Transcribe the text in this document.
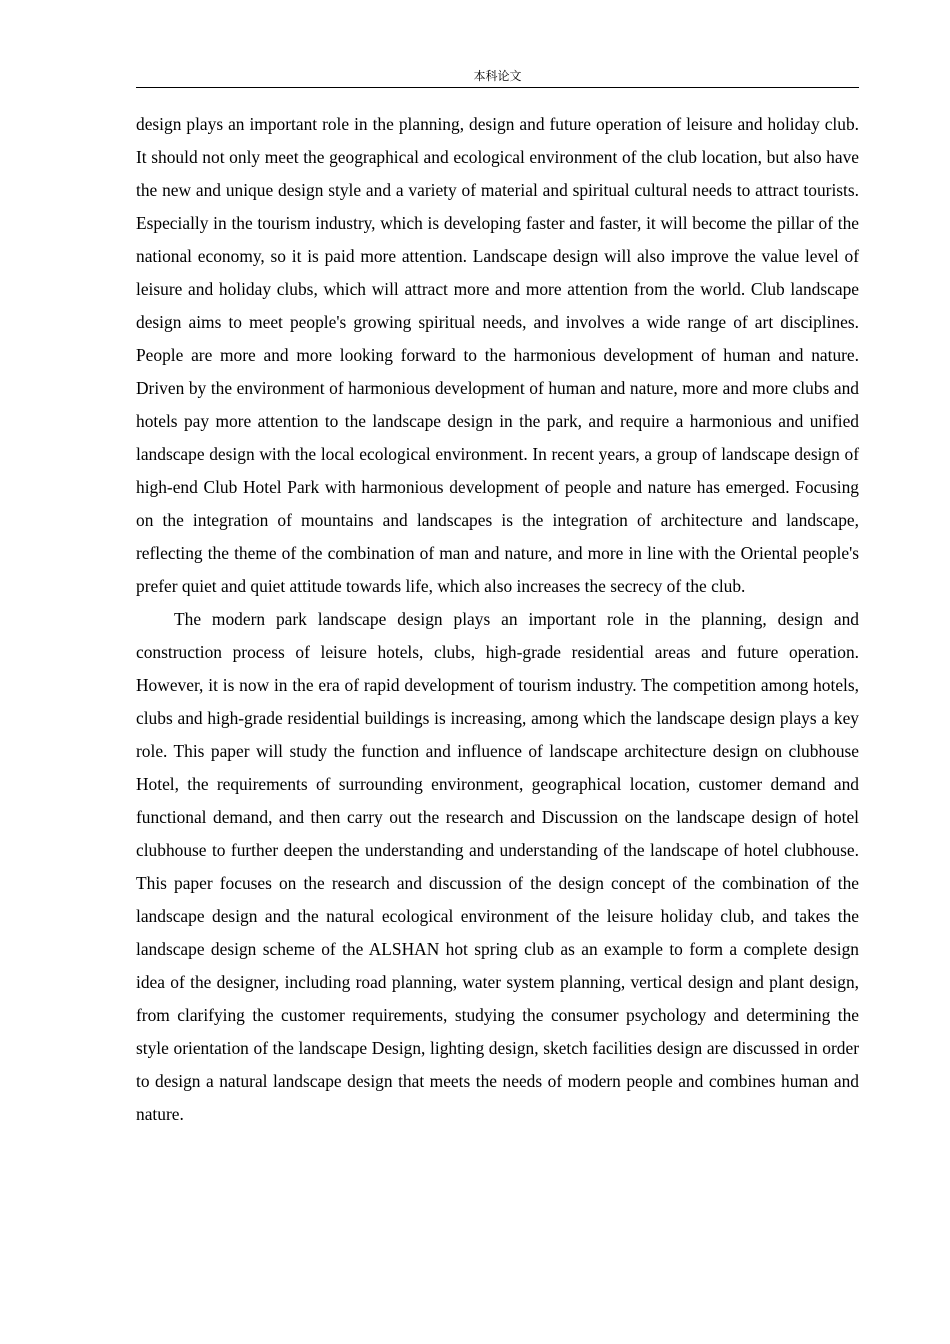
本科论文

design plays an important role in the planning, design and future operation of leisure and holiday club. It should not only meet the geographical and ecological environment of the club location, but also have the new and unique design style and a variety of material and spiritual cultural needs to attract tourists. Especially in the tourism industry, which is developing faster and faster, it will become the pillar of the national economy, so it is paid more attention. Landscape design will also improve the value level of leisure and holiday clubs, which will attract more and more attention from the world. Club landscape design aims to meet people's growing spiritual needs, and involves a wide range of art disciplines. People are more and more looking forward to the harmonious development of human and nature. Driven by the environment of harmonious development of human and nature, more and more clubs and hotels pay more attention to the landscape design in the park, and require a harmonious and unified landscape design with the local ecological environment. In recent years, a group of landscape design of high-end Club Hotel Park with harmonious development of people and nature has emerged. Focusing on the integration of mountains and landscapes is the integration of architecture and landscape, reflecting the theme of the combination of man and nature, and more in line with the Oriental people's prefer quiet and quiet attitude towards life, which also increases the secrecy of the club.

The modern park landscape design plays an important role in the planning, design and construction process of leisure hotels, clubs, high-grade residential areas and future operation. However, it is now in the era of rapid development of tourism industry. The competition among hotels, clubs and high-grade residential buildings is increasing, among which the landscape design plays a key role. This paper will study the function and influence of landscape architecture design on clubhouse Hotel, the requirements of surrounding environment, geographical location, customer demand and functional demand, and then carry out the research and Discussion on the landscape design of hotel clubhouse to further deepen the understanding and understanding of the landscape of hotel clubhouse. This paper focuses on the research and discussion of the design concept of the combination of the landscape design and the natural ecological environment of the leisure holiday club, and takes the landscape design scheme of the ALSHAN hot spring club as an example to form a complete design idea of the designer, including road planning, water system planning, vertical design and plant design, from clarifying the customer requirements, studying the consumer psychology and determining the style orientation of the landscape Design, lighting design, sketch facilities design are discussed in order to design a natural landscape design that meets the needs of modern people and combines human and nature.
